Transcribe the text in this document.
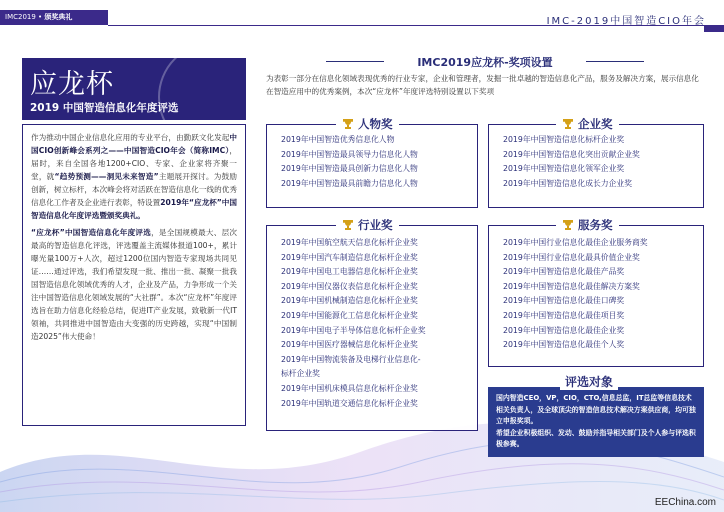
IMC2019 • 颁奖典礼	IMC-2019中国智造CIO年会
应龙杯
2019 中国智造信息化年度评选

作为推动中国企业信息化应用的专业平台，由勤跃文化发起中国CIO创新峰会系列之——中国智造CIO年会（简称IMC），届时，来自全国各地1200+CIO、专家、企业家将齐聚一堂，就“趋势预测——洞见未来智造”主题展开探讨。为鼓励创新，树立标杆，本次峰会将对活跃在智造信息化一线的优秀信息化工作者及企业进行表彰，特设置2019年“应龙杯”中国智造信息化年度评选暨颁奖典礼。

“应龙杯”中国智造信息化年度评选，是全国规模最大、层次最高的智造信息化评选，评选覆盖主流媒体报道100+，累计曝光量100万+人次，超过1200位国内智造专家现场共同见证……通过评选，我们希望发现一批、推出一批、凝聚一批我国智造信息化领域优秀的人才，企业及产品，力争形成一个关注中国智造信息化领域发展的“大社群”。本次“应龙杯”年度评选旨在助力信息化经验总结，促进IT产业发展，致敬新一代IT领袖，共同推进中国智造由大变强的历史跨越，实现“中国制造2025”伟大使命！

IMC2019应龙杯-奖项设置
为表彰一部分在信息化领域表现优秀的行业专家，企业和管理者，发掘一批卓越的智造信息化产品，服务及解决方案，展示信息化在智造应用中的优秀案例，本次“应龙杯”年度评选特别设置以下奖项
人物奖
2019年中国智造优秀信息化人物
2019年中国智造最具领导力信息化人物
2019年中国智造最具创新力信息化人物
2019年中国智造最具前瞻力信息化人物
企业奖
2019年中国智造信息化标杆企业奖
2019年中国智造信息化突出贡献企业奖
2019年中国智造信息化领军企业奖
2019年中国智造信息化成长力企业奖
行业奖
2019年中国航空航天信息化标杆企业奖
2019年中国汽车制造信息化标杆企业奖
2019年中国电工电器信息化标杆企业奖
2019年中国仪器仪表信息化标杆企业奖
2019年中国机械制造信息化标杆企业奖
2019年中国能源化工信息化标杆企业奖
2019年中国电子半导体信息化标杆企业奖
2019年中国医疗器械信息化标杆企业奖
2019年中国物流装备及电梯行业信息化-
标杆企业奖
2019年中国机床模具信息化标杆企业奖
2019年中国轨道交通信息化标杆企业奖
服务奖
2019年中国行业信息化最佳企业服务商奖
2019年中国行业信息化最具价值企业奖
2019年中国智造信息化最佳产品奖
2019年中国智造信息化最佳解决方案奖
2019年中国智造信息化最佳口碑奖
2019年中国智造信息化最佳项目奖
2019年中国智造信息化最佳企业奖
2019年中国智造信息化最佳个人奖
评选对象
国内智造CEO，VP，CIO，CTO,信息总监，IT总监等信息技术相关负责人，及全球顶尖的智造信息技术解决方案供应商，均可独立申报奖项。
希望企业积极组织、发动、鼓励并指导相关部门及个人参与评选积极参赛。
EEChina.com
